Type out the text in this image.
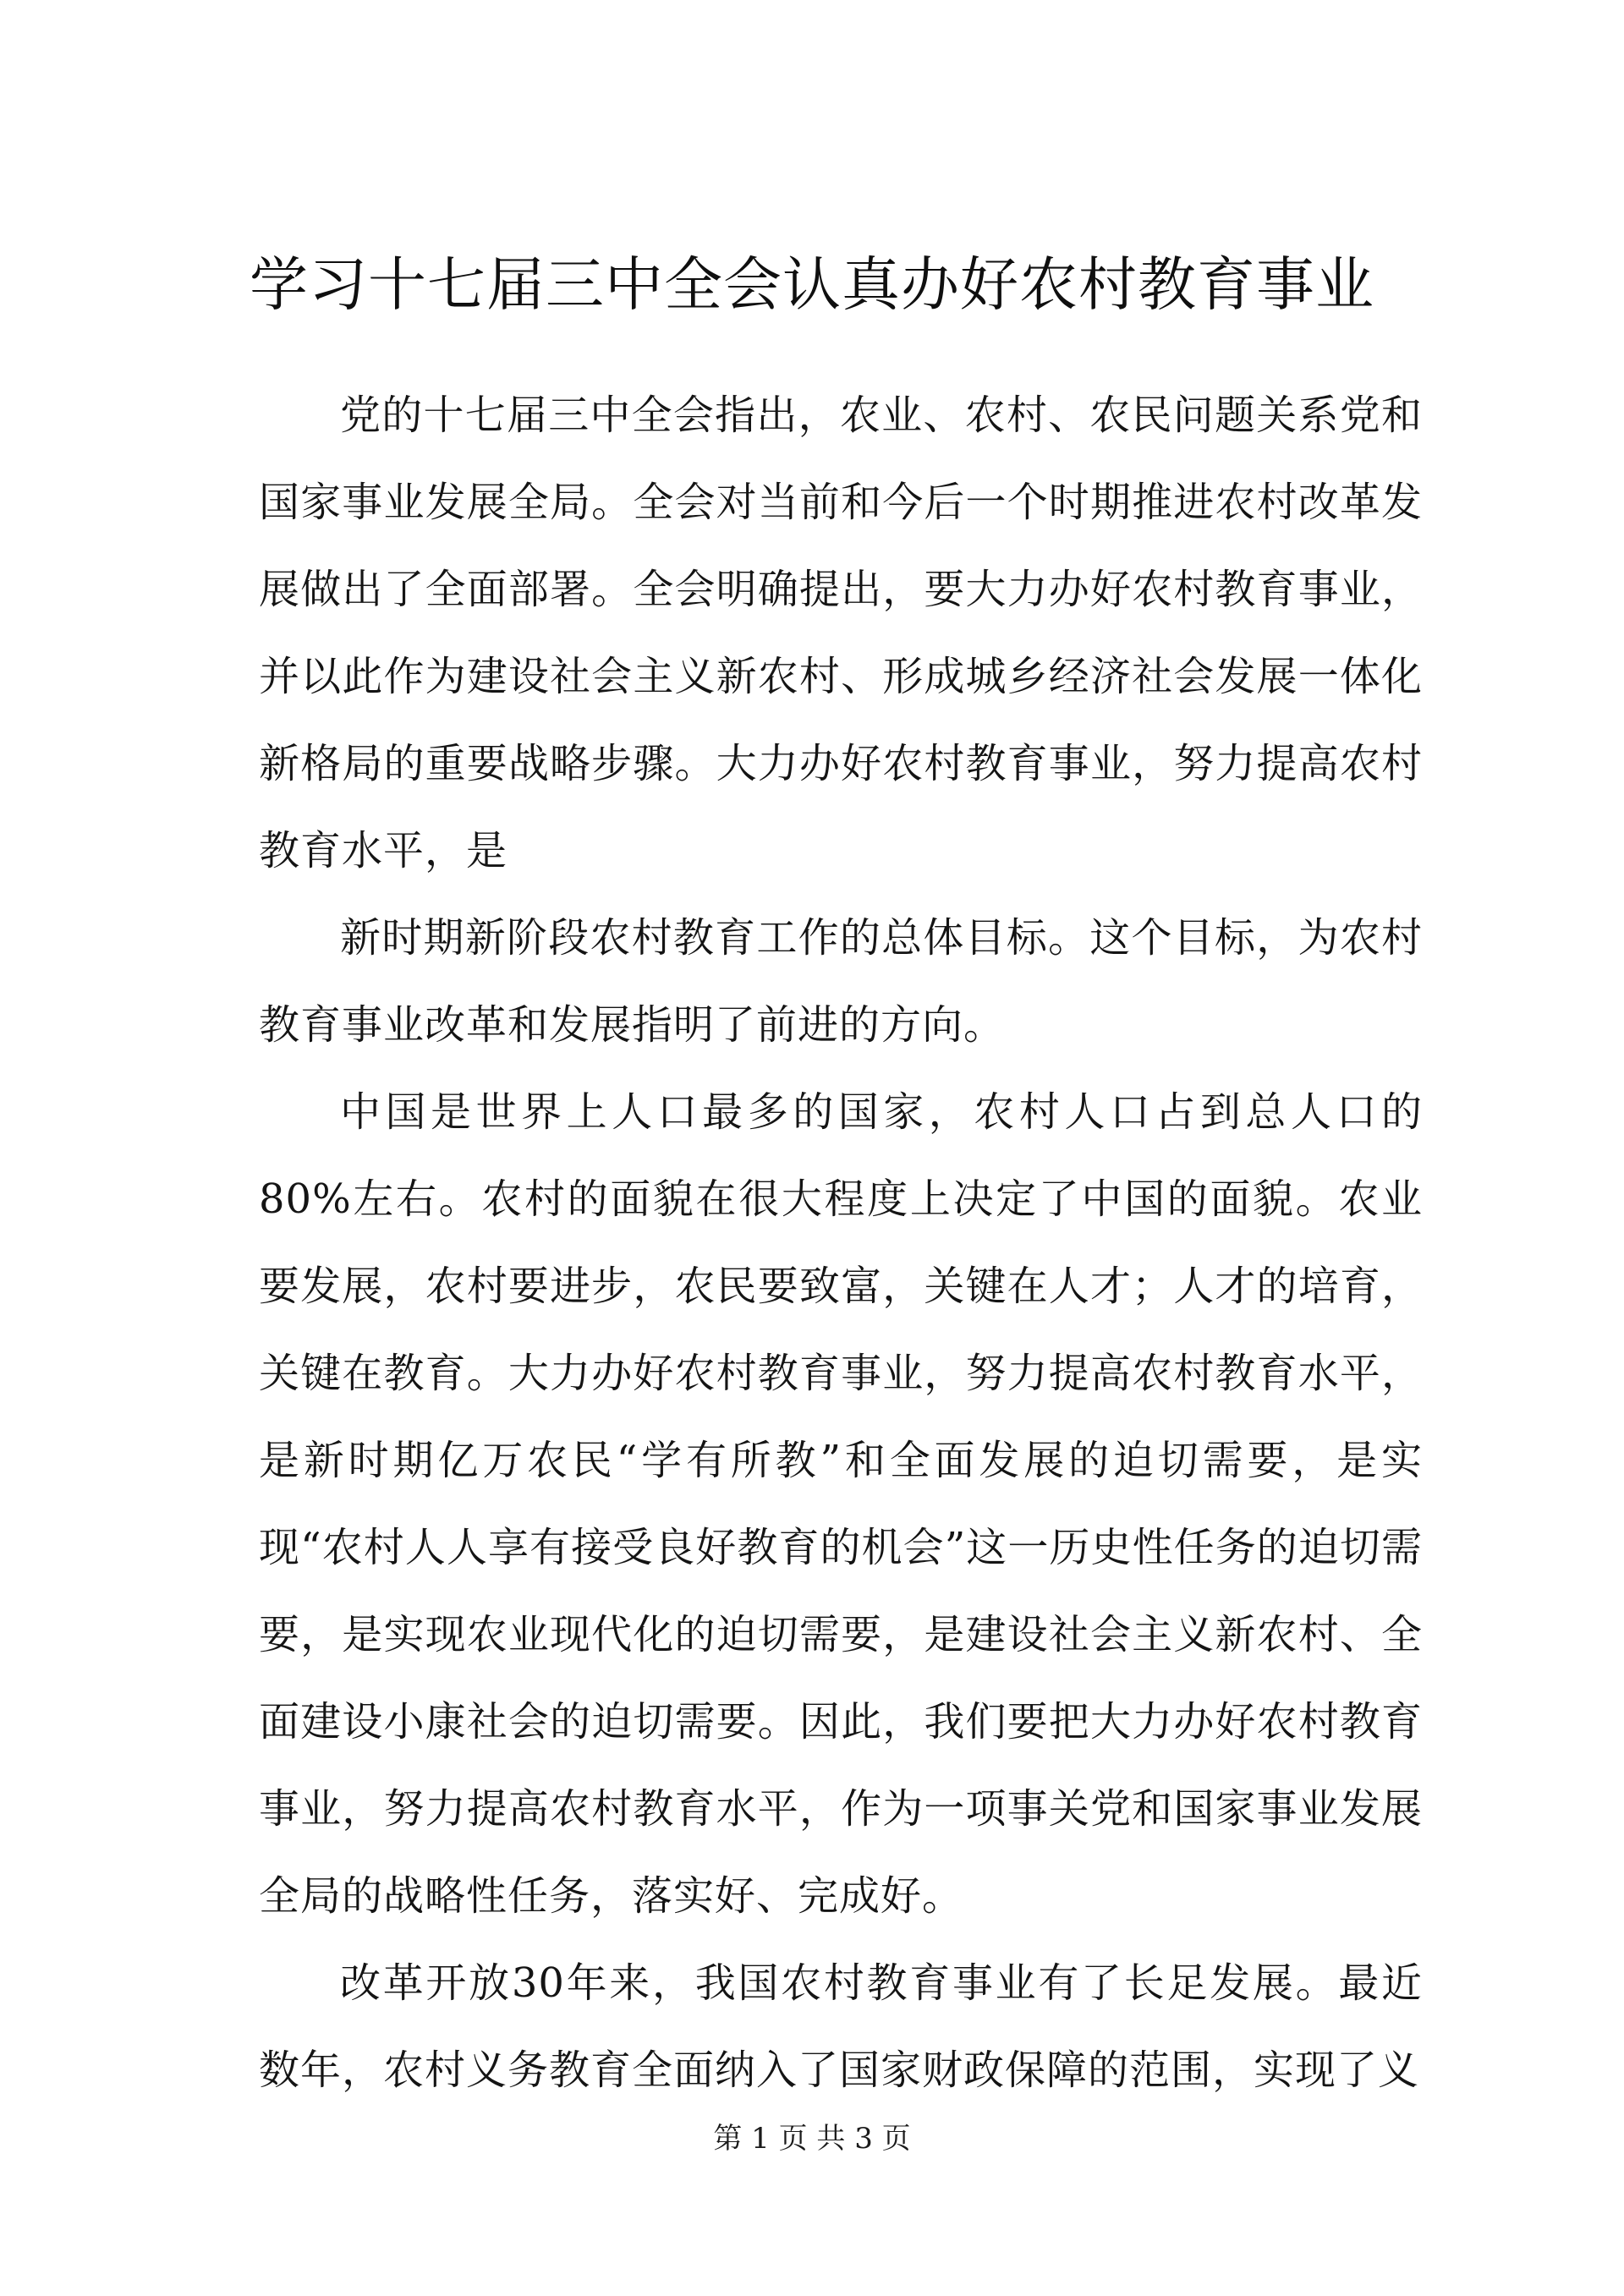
学习十七届三中全会认真办好农村教育事业

党的十七届三中全会指出，农业、农村、农民问题关系党和国家事业发展全局。全会对当前和今后一个时期推进农村改革发展做出了全面部署。全会明确提出，要大力办好农村教育事业，并以此作为建设社会主义新农村、形成城乡经济社会发展一体化新格局的重要战略步骤。大力办好农村教育事业，努力提高农村教育水平，是

新时期新阶段农村教育工作的总体目标。这个目标，为农村教育事业改革和发展指明了前进的方向。

中国是世界上人口最多的国家，农村人口占到总人口的80%左右。农村的面貌在很大程度上决定了中国的面貌。农业要发展，农村要进步，农民要致富，关键在人才；人才的培育，关键在教育。大力办好农村教育事业，努力提高农村教育水平，是新时期亿万农民“学有所教”和全面发展的迫切需要，是实现“农村人人享有接受良好教育的机会”这一历史性任务的迫切需要，是实现农业现代化的迫切需要，是建设社会主义新农村、全面建设小康社会的迫切需要。因此，我们要把大力办好农村教育事业，努力提高农村教育水平，作为一项事关党和国家事业发展全局的战略性任务，落实好、完成好。

改革开放30年来，我国农村教育事业有了长足发展。最近数年，农村义务教育全面纳入了国家财政保障的范围，实现了义

第 1 页 共 3 页
